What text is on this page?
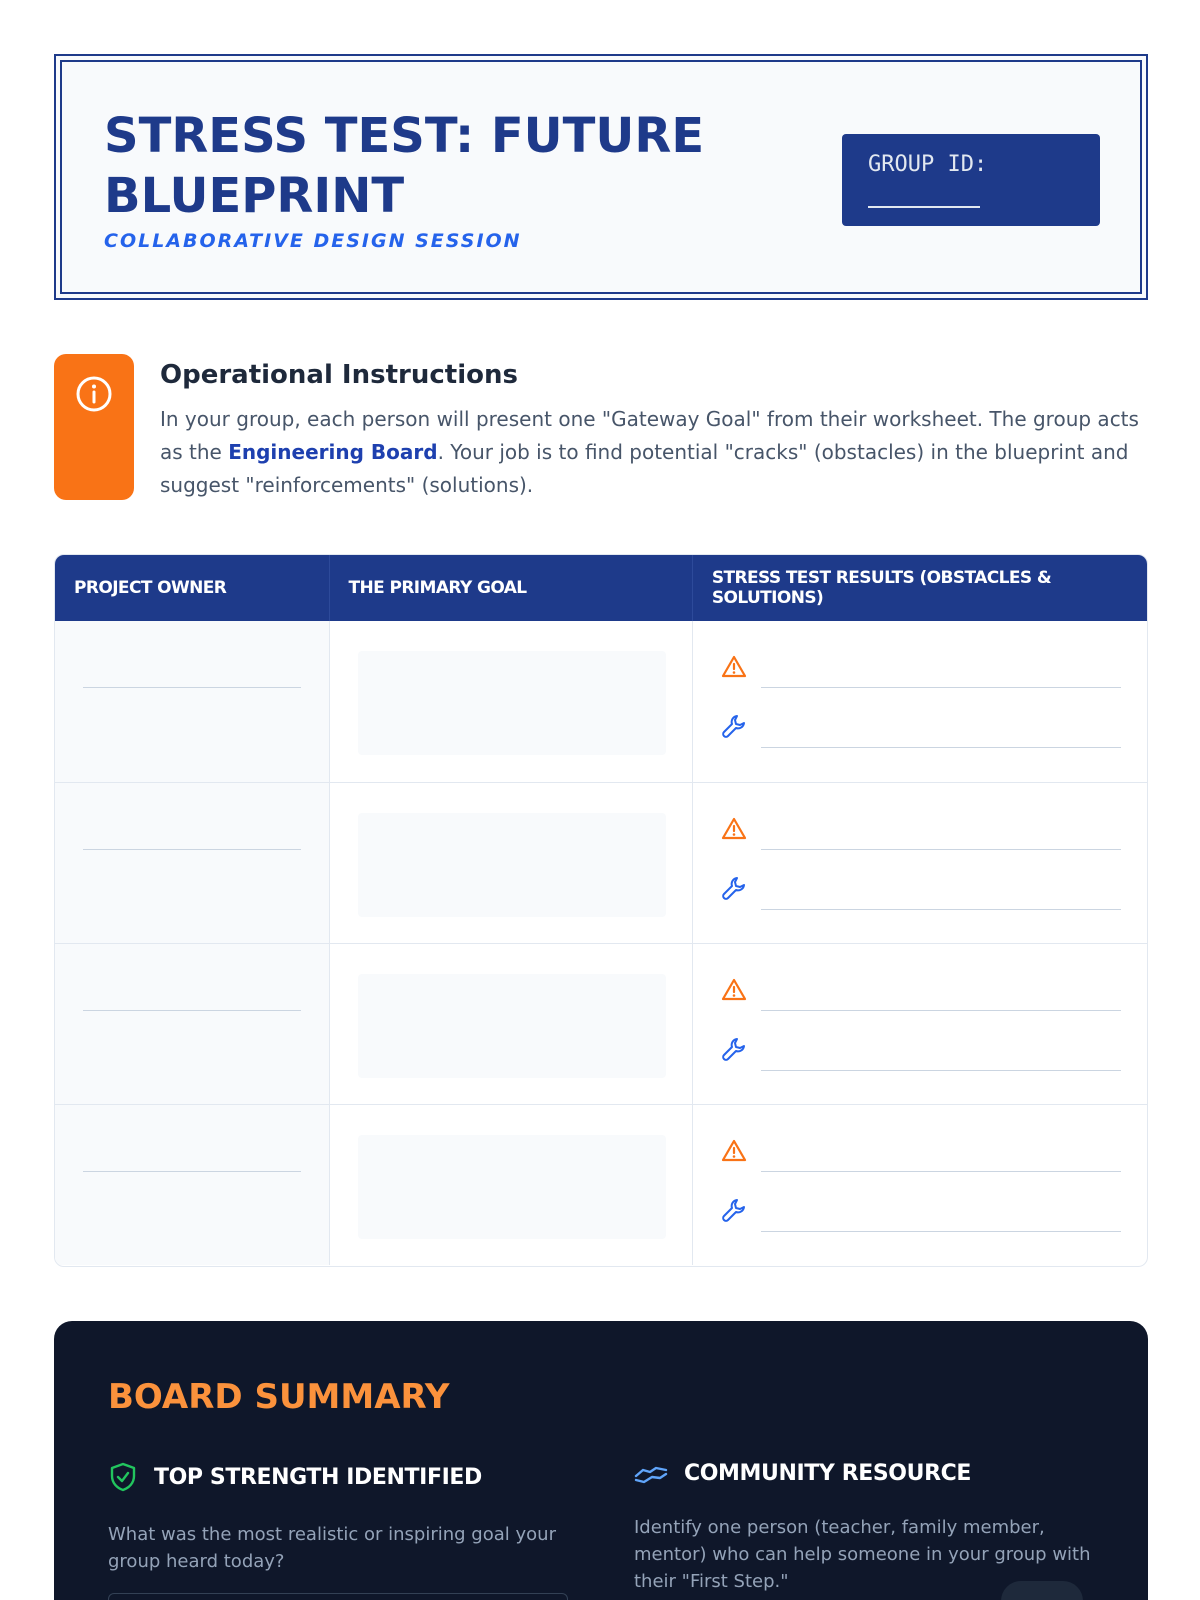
STRESS TEST: FUTURE BLUEPRINT
COLLABORATIVE DESIGN SESSION
GROUP ID:
Operational Instructions
In your group, each person will present one "Gateway Goal" from their worksheet. The group acts as the Engineering Board. Your job is to find potential "cracks" (obstacles) in the blueprint and suggest "reinforcements" (solutions).
PROJECT OWNER	THE PRIMARY GOAL	STRESS TEST RESULTS (OBSTACLES & SOLUTIONS)
BOARD SUMMARY
TOP STRENGTH IDENTIFIED
What was the most realistic or inspiring goal your group heard today?
COMMUNITY RESOURCE
Identify one person (teacher, family member, mentor) who can help someone in your group with their "First Step."
